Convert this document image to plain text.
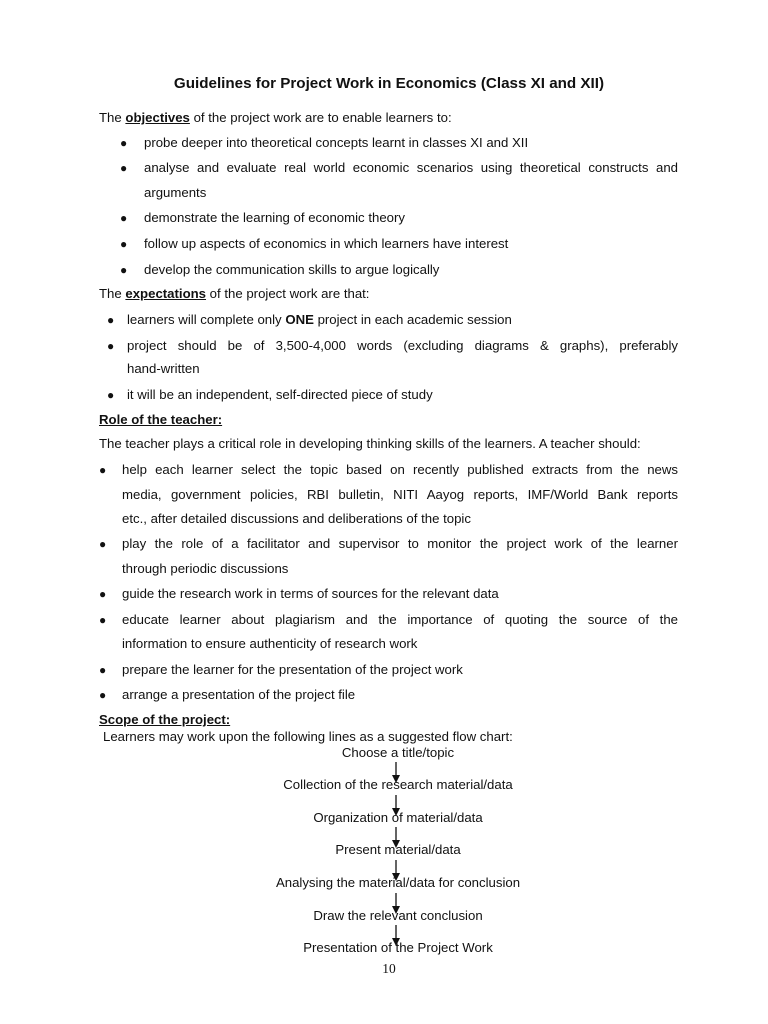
Guidelines for Project Work in Economics (Class XI and XII)
The objectives of the project work are to enable learners to:
● probe deeper into theoretical concepts learnt in classes XI and XII
● analyse and evaluate real world economic scenarios using theoretical constructs and
arguments
● demonstrate the learning of economic theory
● follow up aspects of economics in which learners have interest
● develop the communication skills to argue logically
The expectations of the project work are that:
● learners will complete only ONE project in each academic session
● project should be of 3,500-4,000 words (excluding diagrams & graphs), preferably
hand-written
● it will be an independent, self-directed piece of study
Role of the teacher:
The teacher plays a critical role in developing thinking skills of the learners. A teacher should:
● help each learner select the topic based on recently published extracts from the news
media, government policies, RBI bulletin, NITI Aayog reports, IMF/World Bank reports
etc., after detailed discussions and deliberations of the topic
● play the role of a facilitator and supervisor to monitor the project work of the learner
through periodic discussions
● guide the research work in terms of sources for the relevant data
● educate learner about plagiarism and the importance of quoting the source of the
information to ensure authenticity of research work
● prepare the learner for the presentation of the project work
● arrange a presentation of the project file
Scope of the project:
Learners may work upon the following lines as a suggested flow chart:
Choose a title/topic
Collection of the research material/data
Organization of material/data
Present material/data
Analysing the material/data for conclusion
Draw the relevant conclusion
Presentation of the Project Work
10
